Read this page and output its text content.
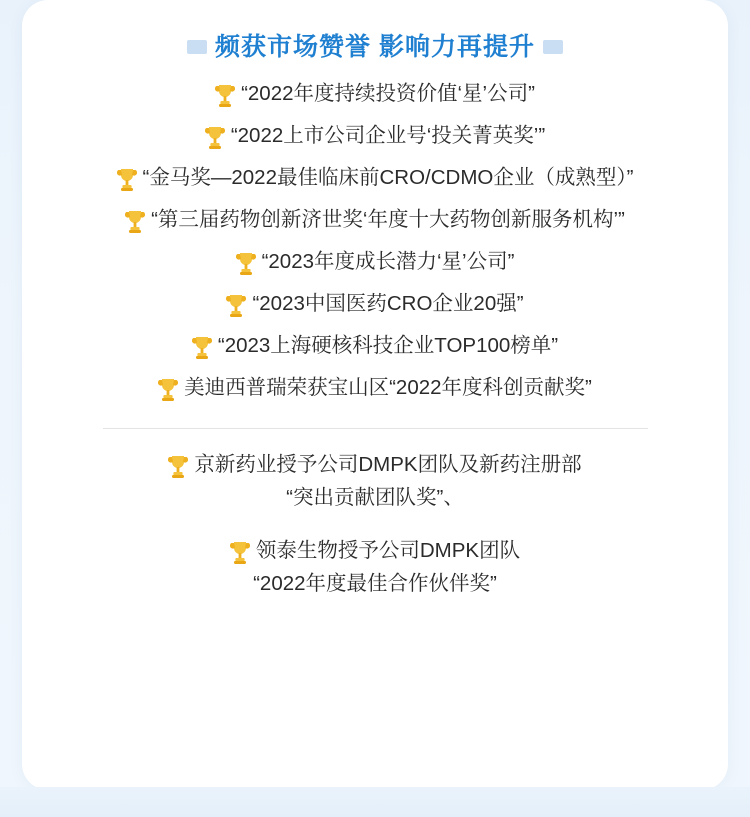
频获市场赞誉 影响力再提升
“2022年度持续投资价值‘星’公司”
“2022上市公司企业号‘投关菁英奖’”
“金马奖—2022最佳临床前CRO/CDMO企业（成熟型）”
“第三届药物创新济世奖‘年度十大药物创新服务机构’”
“2023年度成长潜力‘星’公司”
“2023中国医药CRO企业20强”
“2023上海硬核科技企业TOP100榜单”
美迪西普瑞荣获宝山区“2022年度科创贡献奖”
京新药业授予公司DMPK团队及新药注册部
“突出贡献团队奖”、
领泰生物授予公司DMPK团队
“2022年度最佳合作伙伴奖”
